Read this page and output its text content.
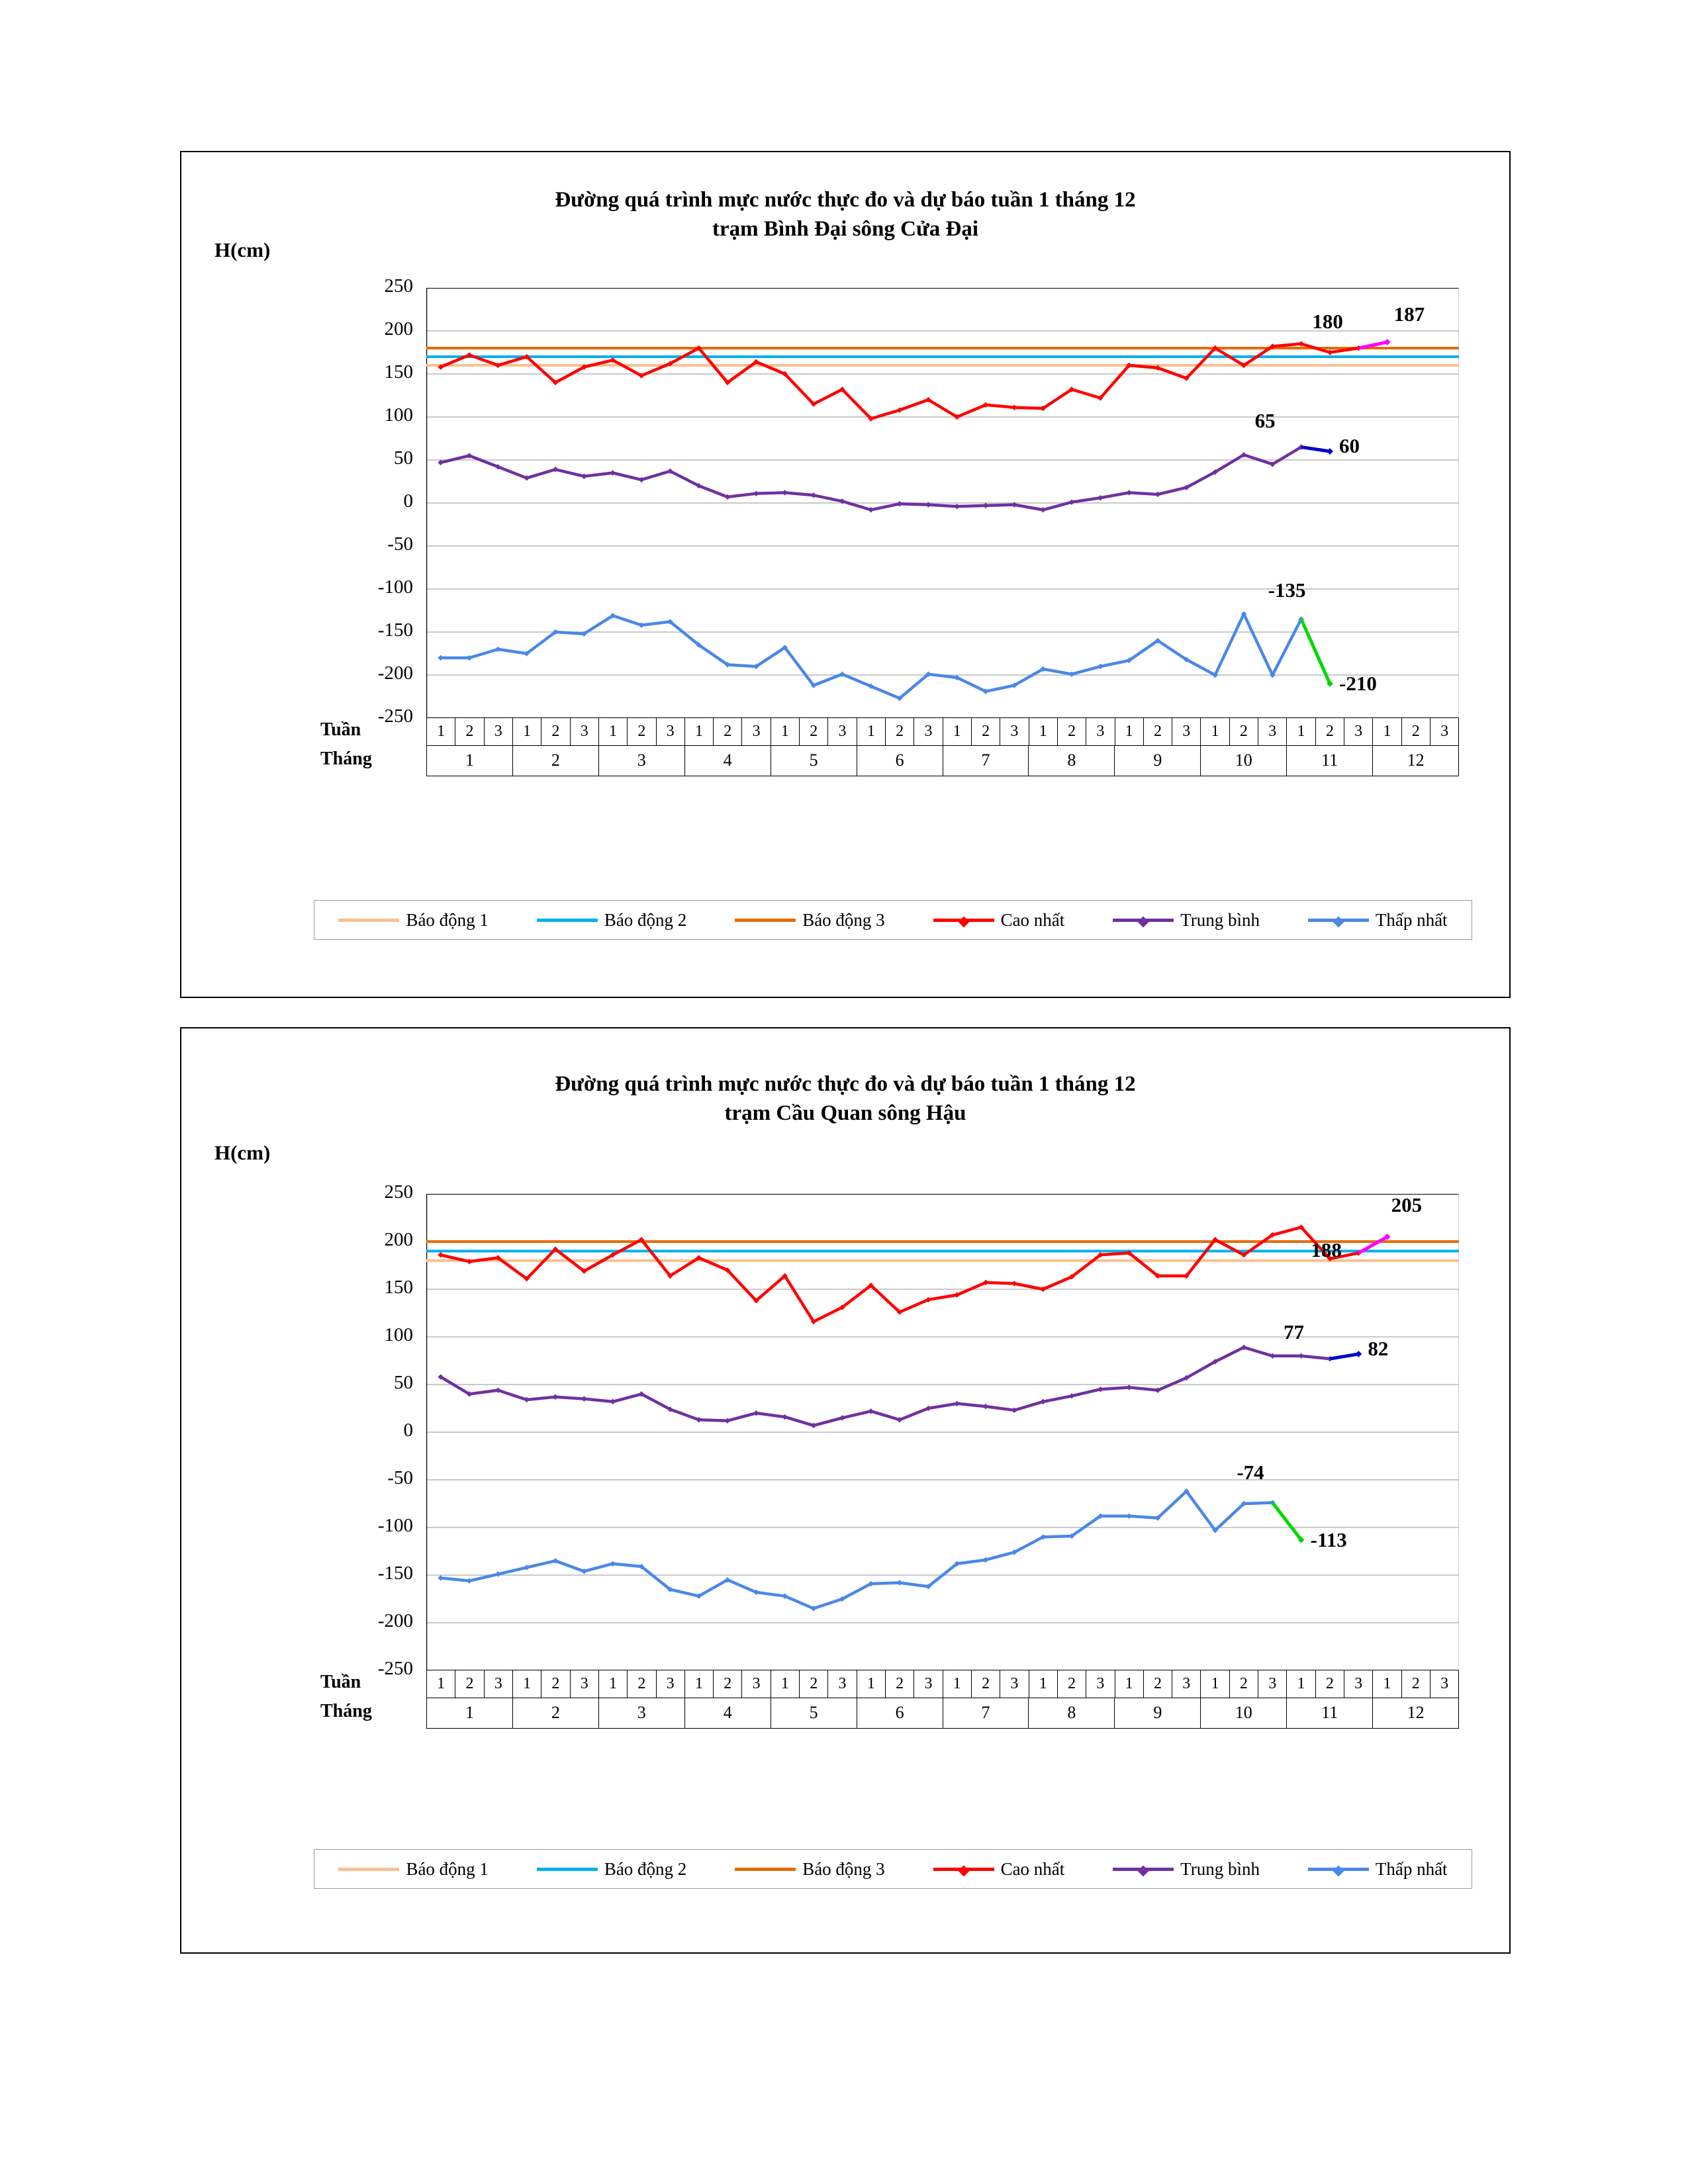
Đường quá trình mực nước thực đo và dự báo tuần 1 tháng 12
trạm Bình Đại sông Cửa Đại
H(cm)
250
200
150
100
50
0
-50
-100
-150
-200
-250
1	2	3	1	2	3	1	2	3	1	2	3	1	2	3	1	2	3	1	2	3	1	2	3	1	2	3	1	2	3	1	2	3	1	2	3
1	2	3	4	5	6	7	8	9	10	11	12
Tuần
Tháng
180 187
65
60
-135
-210
Báo động 1	Báo động 2	Báo động 3	Cao nhất	Trung bình	Thấp nhất
Đường quá trình mực nước thực đo và dự báo tuần 1 tháng 12
trạm Cầu Quan sông Hậu
H(cm)
250
200
150
100
50
0
-50
-100
-150
-200
-250
1	2	3	1	2	3	1	2	3	1	2	3	1	2	3	1	2	3	1	2	3	1	2	3	1	2	3	1	2	3	1	2	3	1	2	3
1	2	3	4	5	6	7	8	9	10	11	12
Tuần
Tháng
188
205
77
82
-74
-113
Báo động 1	Báo động 2	Báo động 3	Cao nhất	Trung bình	Thấp nhất
